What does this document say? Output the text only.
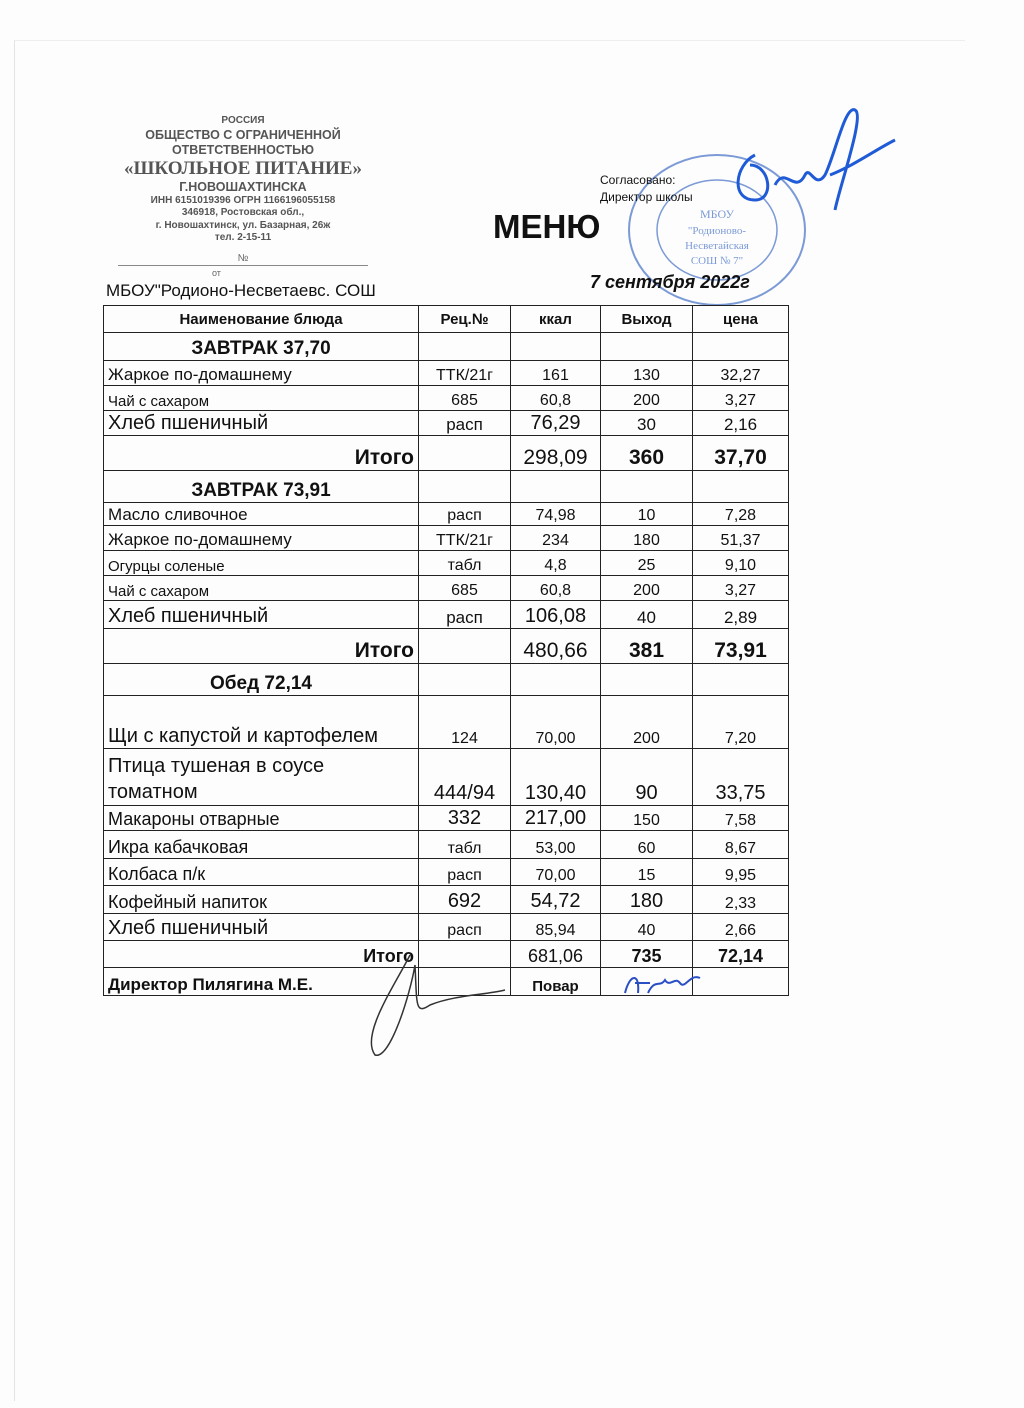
РОССИЯ
ОБЩЕСТВО С ОГРАНИЧЕННОЙ
ОТВЕТСТВЕННОСТЬЮ
«ШКОЛЬНОЕ ПИТАНИЕ»
Г.НОВОШАХТИНСКА
ИНН 6151019396 ОГРН 1166196055158
346918, Ростовская обл.,
г. Новошахтинск, ул. Базарная, 26ж
тел. 2-15-11
№
от
МБОУ"Родионо-Несветаевс. СОШ
МБОУ
"Родионово-
Несветайская
СОШ № 7"
Согласовано:
Директор школы
МЕНЮ
7 сентября 2022г
Наименование блюда	Рец.№	ккал	Выход	цена
ЗАВТРАК 37,70				
Жаркое по-домашнему	ТТК/21г	161	130	32,27
Чай с сахаром	685	60,8	200	3,27
Хлеб пшеничный	расп	76,29	30	2,16
Итого		298,09	360	37,70
ЗАВТРАК 73,91				
Масло сливочное	расп	74,98	10	7,28
Жаркое по-домашнему	ТТК/21г	234	180	51,37
Огурцы соленые	табл	4,8	25	9,10
Чай с сахаром	685	60,8	200	3,27
Хлеб пшеничный	расп	106,08	40	2,89
Итого		480,66	381	73,91
Обед 72,14				
Щи с капустой и картофелем	124	70,00	200	7,20
Птица тушеная в соусе томатном	444/94	130,40	90	33,75
Макароны отварные	332	217,00	150	7,58
Икра кабачковая	табл	53,00	60	8,67
Колбаса п/к	расп	70,00	15	9,95
Кофейный напиток	692	54,72	180	2,33
Хлеб пшеничный	расп	85,94	40	2,66
Итого		681,06	735	72,14
Директор Пилягина М.Е.		Повар		
